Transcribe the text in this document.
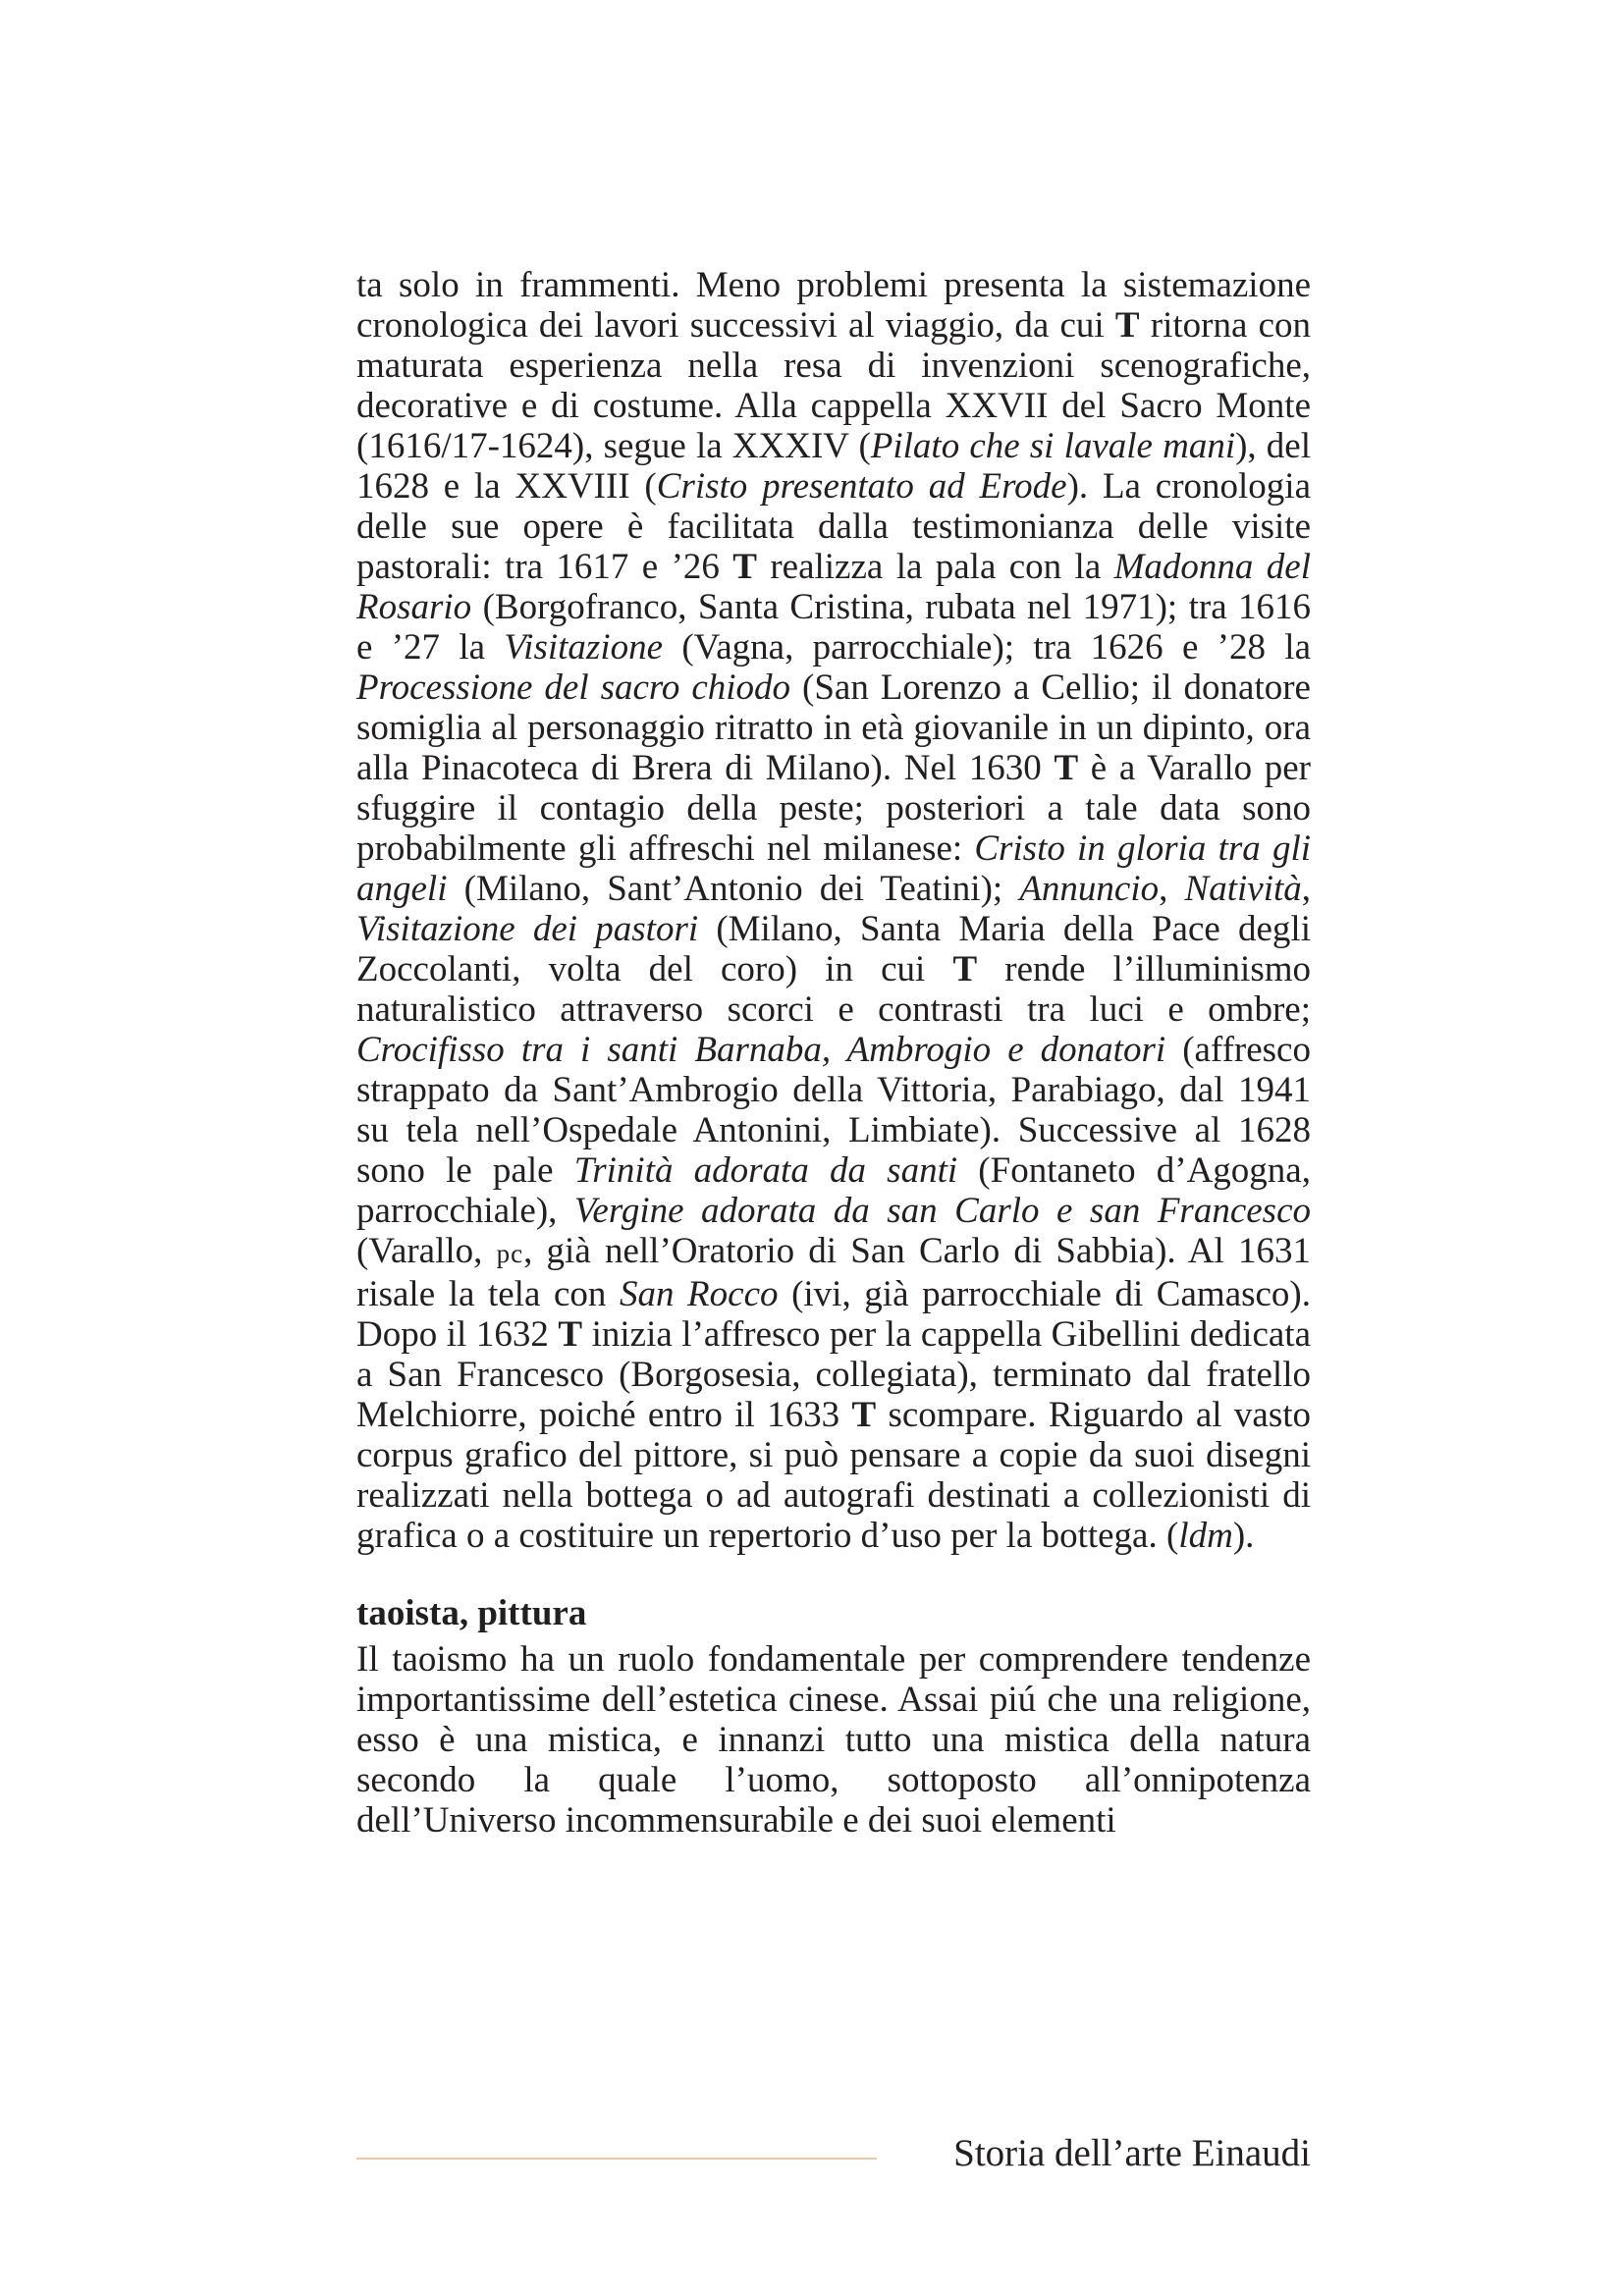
ta solo in frammenti. Meno problemi presenta la sistemazione cronologica dei lavori successivi al viaggio, da cui T ritorna con maturata esperienza nella resa di invenzioni scenografiche, decorative e di costume. Alla cappella XXVII del Sacro Monte (1616/17-1624), segue la XXXIV (Pilato che si lavale mani), del 1628 e la XXVIII (Cristo presentato ad Erode). La cronologia delle sue opere è facilitata dalla testimonianza delle visite pastorali: tra 1617 e ’26 T realizza la pala con la Madonna del Rosario (Borgofranco, Santa Cristina, rubata nel 1971); tra 1616 e ’27 la Visitazione (Vagna, parrocchiale); tra 1626 e ’28 la Processione del sacro chiodo (San Lorenzo a Cellio; il donatore somiglia al personaggio ritratto in età giovanile in un dipinto, ora alla Pinacoteca di Brera di Milano). Nel 1630 T è a Varallo per sfuggire il contagio della peste; posteriori a tale data sono probabilmente gli affreschi nel milanese: Cristo in gloria tra gli angeli (Milano, Sant’Antonio dei Teatini); Annuncio, Natività, Visitazione dei pastori (Milano, Santa Maria della Pace degli Zoccolanti, volta del coro) in cui T rende l’illuminismo naturalistico attraverso scorci e contrasti tra luci e ombre; Crocifisso tra i santi Barnaba, Ambrogio e donatori (affresco strappato da Sant’Ambrogio della Vittoria, Parabiago, dal 1941 su tela nell’Ospedale Antonini, Limbiate). Successive al 1628 sono le pale Trinità adorata da santi (Fontaneto d’Agogna, parrocchiale), Vergine adorata da san Carlo e san Francesco (Varallo, pc, già nell’Oratorio di San Carlo di Sabbia). Al 1631 risale la tela con San Rocco (ivi, già parrocchiale di Camasco). Dopo il 1632 T inizia l’affresco per la cappella Gibellini dedicata a San Francesco (Borgosesia, collegiata), terminato dal fratello Melchiorre, poiché entro il 1633 T scompare. Riguardo al vasto corpus grafico del pittore, si può pensare a copie da suoi disegni realizzati nella bottega o ad autografi destinati a collezionisti di grafica o a costituire un repertorio d’uso per la bottega. (ldm).

taoista, pittura

Il taoismo ha un ruolo fondamentale per comprendere tendenze importantissime dell’estetica cinese. Assai piú che una religione, esso è una mistica, e innanzi tutto una mistica della natura secondo la quale l’uomo, sottoposto all’onnipotenza dell’Universo incommensurabile e dei suoi elementi

Storia dell’arte Einaudi
